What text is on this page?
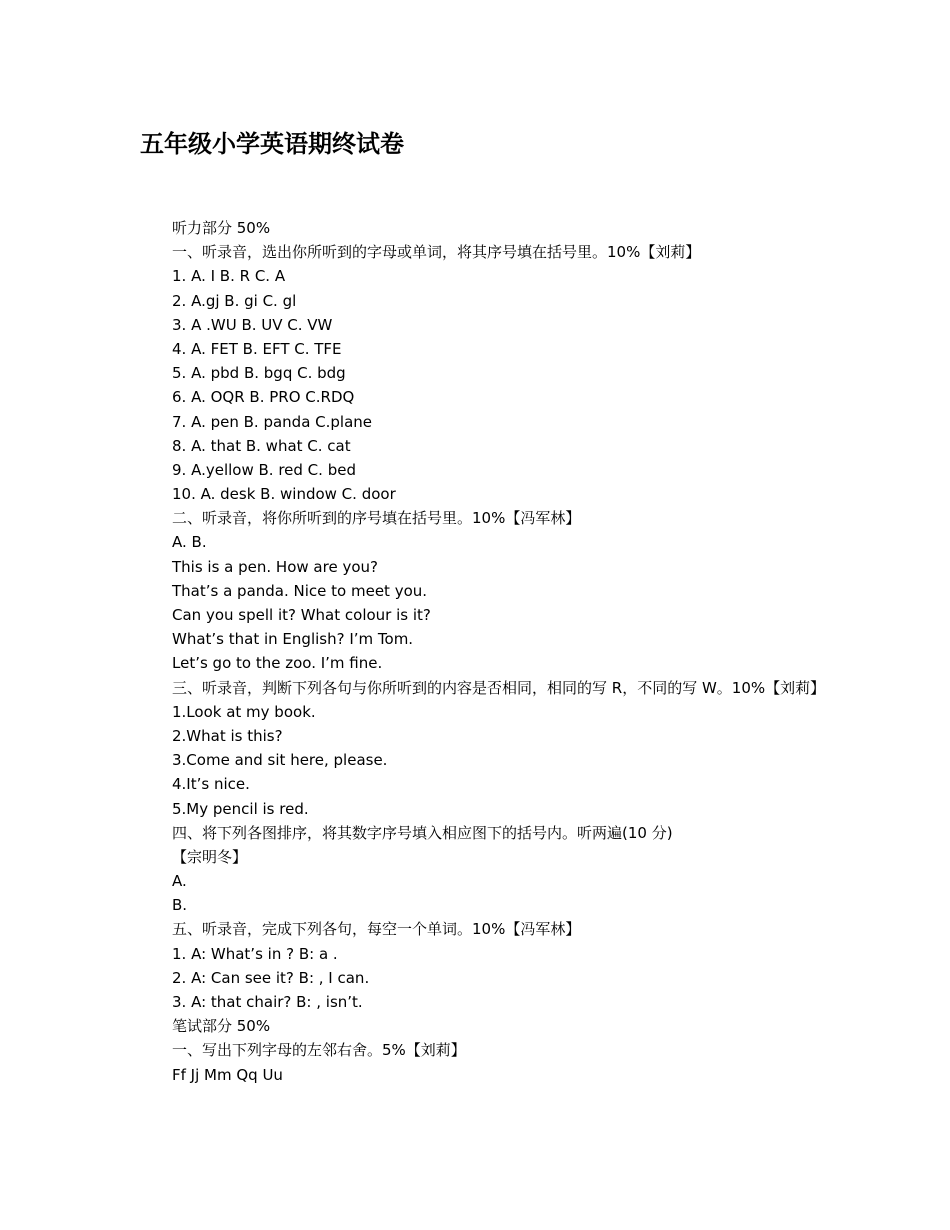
五年级小学英语期终试卷
听力部分 50%
一、听录音，选出你所听到的字母或单词，将其序号填在括号里。10%【刘莉】
1. A. I B. R C. A
2. A.gj B. gi C. gl
3. A .WU B. UV C. VW
4. A. FET B. EFT C. TFE
5. A. pbd B. bgq C. bdg
6. A. OQR B. PRO C.RDQ
7. A. pen B. panda C.plane
8. A. that B. what C. cat
9. A.yellow B. red C. bed
10. A. desk B. window C. door
二、听录音，将你所听到的序号填在括号里。10%【冯军林】
A. B.
This is a pen. How are you?
That’s a panda. Nice to meet you.
Can you spell it? What colour is it?
What’s that in English? I’m Tom.
Let’s go to the zoo. I’m fine.
三、听录音，判断下列各句与你所听到的内容是否相同，相同的写 R，不同的写 W。10%【刘莉】
1.Look at my book.
2.What is this?
3.Come and sit here, please.
4.It’s nice.
5.My pencil is red.
四、将下列各图排序，将其数字序号填入相应图下的括号内。听两遍(10 分)
【宗明冬】
A.
B.
五、听录音，完成下列各句，每空一个单词。10%【冯军林】
1. A: What’s in ? B: a .
2. A: Can see it? B: , I can.
3. A: that chair? B: , isn’t.
笔试部分 50%
一、写出下列字母的左邻右舍。5%【刘莉】
Ff Jj Mm Qq Uu
